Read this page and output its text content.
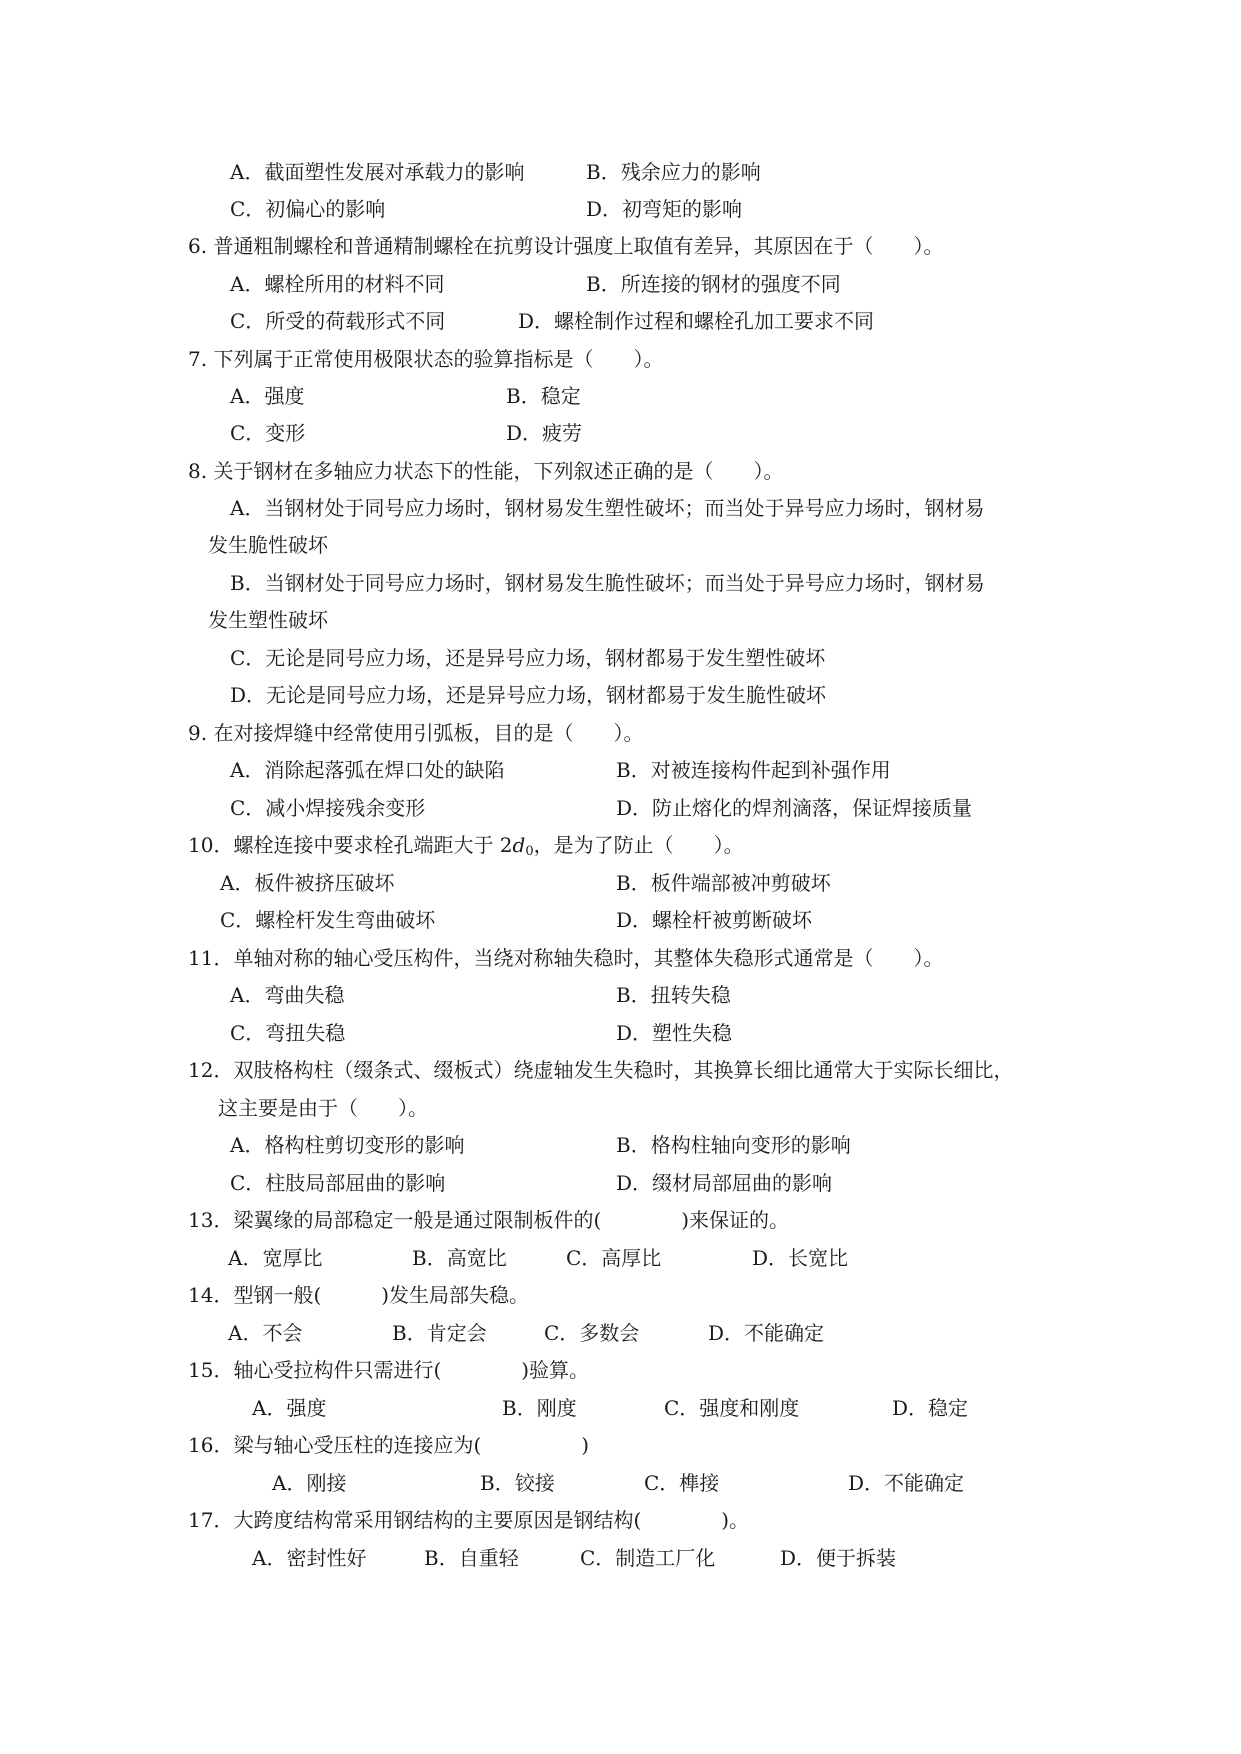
A．截面塑性发展对承载力的影响	B．残余应力的影响
C．初偏心的影响	D．初弯矩的影响
6. 普通粗制螺栓和普通精制螺栓在抗剪设计强度上取值有差异，其原因在于（　　）。
A．螺栓所用的材料不同	B．所连接的钢材的强度不同
C．所受的荷载形式不同	D．螺栓制作过程和螺栓孔加工要求不同
7. 下列属于正常使用极限状态的验算指标是（　　）。
A．强度	B．稳定
C．变形	D．疲劳
8. 关于钢材在多轴应力状态下的性能，下列叙述正确的是（　　）。
A．当钢材处于同号应力场时，钢材易发生塑性破坏；而当处于异号应力场时，钢材易
发生脆性破坏
B．当钢材处于同号应力场时，钢材易发生脆性破坏；而当处于异号应力场时，钢材易
发生塑性破坏
C．无论是同号应力场，还是异号应力场，钢材都易于发生塑性破坏
D．无论是同号应力场，还是异号应力场，钢材都易于发生脆性破坏
9. 在对接焊缝中经常使用引弧板，目的是（　　）。
A．消除起落弧在焊口处的缺陷	B．对被连接构件起到补强作用
C．减小焊接残余变形	D．防止熔化的焊剂滴落，保证焊接质量
10．螺栓连接中要求栓孔端距大于 $2d_0$，是为了防止（　　）。
A．板件被挤压破坏	B．板件端部被冲剪破坏
C．螺栓杆发生弯曲破坏	D．螺栓杆被剪断破坏
11．单轴对称的轴心受压构件，当绕对称轴失稳时，其整体失稳形式通常是（　　）。
A．弯曲失稳	B．扭转失稳
C．弯扭失稳	D．塑性失稳
12．双肢格构柱（缀条式、缀板式）绕虚轴发生失稳时，其换算长细比通常大于实际长细比，
这主要是由于（　　）。
A．格构柱剪切变形的影响	B．格构柱轴向变形的影响
C．柱肢局部屈曲的影响	D．缀材局部屈曲的影响
13．梁翼缘的局部稳定一般是通过限制板件的(　　　　)来保证的。
A．宽厚比	B．高宽比	C．高厚比	D．长宽比
14．型钢一般(　　　)发生局部失稳。
A．不会	B．肯定会	C．多数会	D．不能确定
15．轴心受拉构件只需进行(　　　　)验算。
A．强度	B．刚度	C．强度和刚度	D．稳定
16．梁与轴心受压柱的连接应为(　　　　　)
A．刚接	B．铰接	C．榫接	D．不能确定
17．大跨度结构常采用钢结构的主要原因是钢结构(　　　　)。
A．密封性好	B．自重轻	C．制造工厂化	D．便于拆装
